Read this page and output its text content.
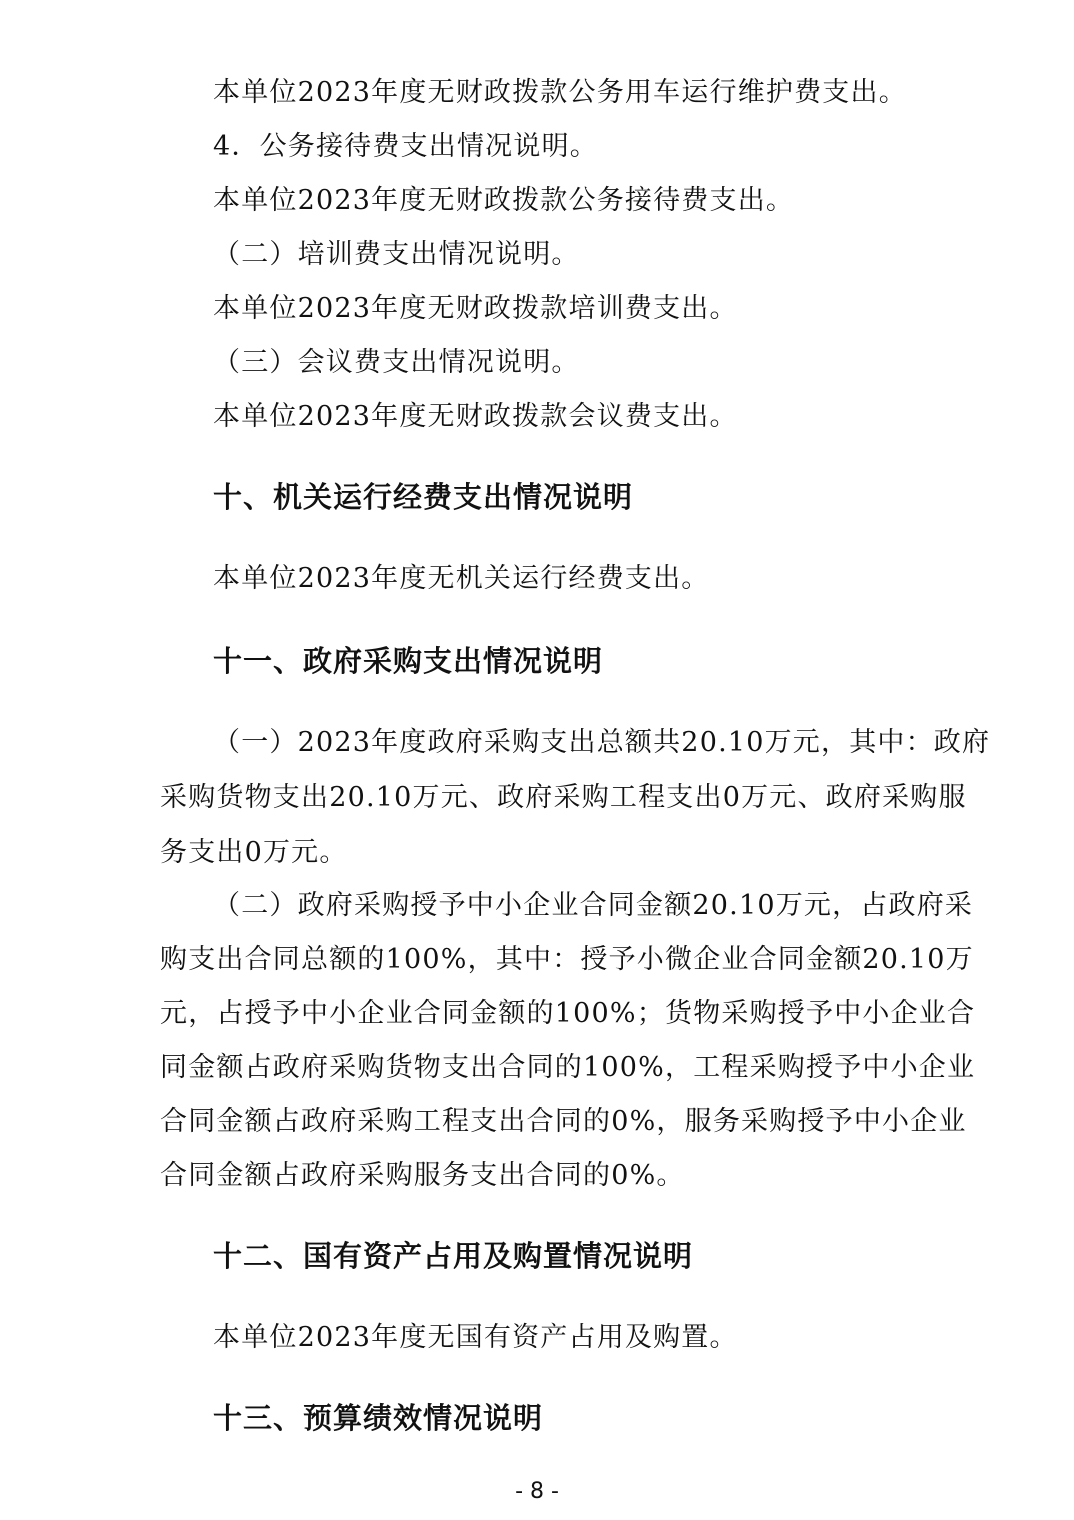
本单位2023年度无财政拨款公务用车运行维护费支出。
4．公务接待费支出情况说明。
本单位2023年度无财政拨款公务接待费支出。
（二）培训费支出情况说明。
本单位2023年度无财政拨款培训费支出。
（三）会议费支出情况说明。
本单位2023年度无财政拨款会议费支出。
十、机关运行经费支出情况说明
本单位2023年度无机关运行经费支出。
十一、政府采购支出情况说明
（一）2023年度政府采购支出总额共20.10万元，其中：政府
采购货物支出20.10万元、政府采购工程支出0万元、政府采购服
务支出0万元。
（二）政府采购授予中小企业合同金额20.10万元，占政府采
购支出合同总额的100%，其中：授予小微企业合同金额20.10万
元，占授予中小企业合同金额的100%；货物采购授予中小企业合
同金额占政府采购货物支出合同的100%，工程采购授予中小企业
合同金额占政府采购工程支出合同的0%，服务采购授予中小企业
合同金额占政府采购服务支出合同的0%。
十二、国有资产占用及购置情况说明
本单位2023年度无国有资产占用及购置。
十三、预算绩效情况说明
- 8 -
